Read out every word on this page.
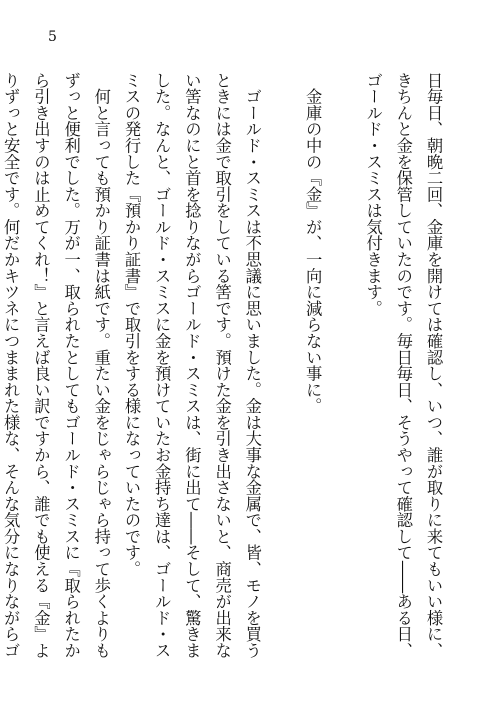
5

日毎日、朝晩二回、金庫を開けては確認し、いつ、誰が取りに来てもいい様に、きちんと金を保管していたのです。毎日毎日、そうやって確認して――ある日、ゴールド・スミスは気付きます。

　金庫の中の『金』が、一向に減らない事に。

　ゴールド・スミスは不思議に思いました。金は大事な金属で、皆、モノを買うときには金で取引をしている筈です。預けた金を引き出さないと、商売が出来ない筈なのにと首を捻りながらゴールド・スミスは、街に出て――そして、驚きました。なんと、ゴールド・スミスに金を預けていたお金持ち達は、ゴールド・スミスの発行した『預かり証書』で取引をする様になっていたのです。

　何と言っても預かり証書は紙です。重たい金をじゃらじゃら持って歩くよりもずっと便利でした。万が一、取られたとしてもゴールド・スミスに『取られたから引き出すのは止めてくれ！』と言えば良い訳ですから、誰でも使える『金』よりずっと安全です。何だかキツネにつままれた様な、そんな気分になりながらゴ
